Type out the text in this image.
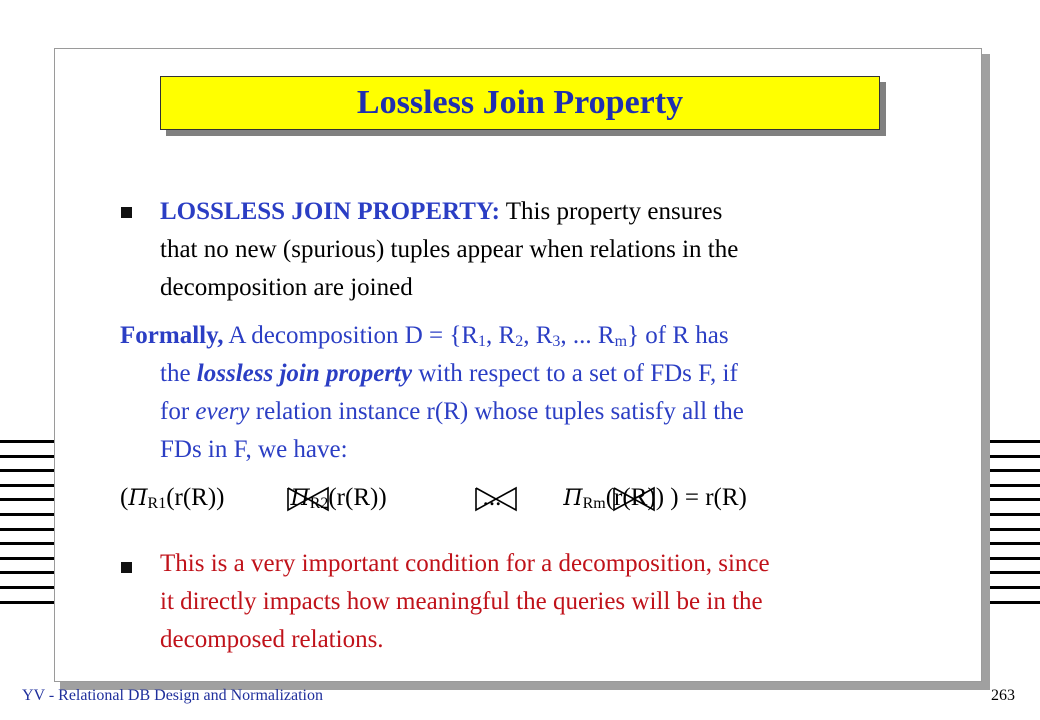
Lossless Join Property
LOSSLESS JOIN PROPERTY: This property ensures
that no new (spurious) tuples appear when relations in the
decomposition are joined
Formally, A decomposition $D = \{R_1$, $R_2$, $R_3$, ... $R_m$} of R has
the lossless join property with respect to a set of FDs F, if
for every relation instance r(R) whose tuples satisfy all the
FDs in F, we have:
($\Pi_{R1}(r(R))$	$\Pi_{R2}(r(R))$	...	$\Pi_{Rm}(r(R))$ ) = r(R)
This is a very important condition for a decomposition, since
it directly impacts how meaningful the queries will be in the
decomposed relations.
YV - Relational DB Design and Normalization	263
